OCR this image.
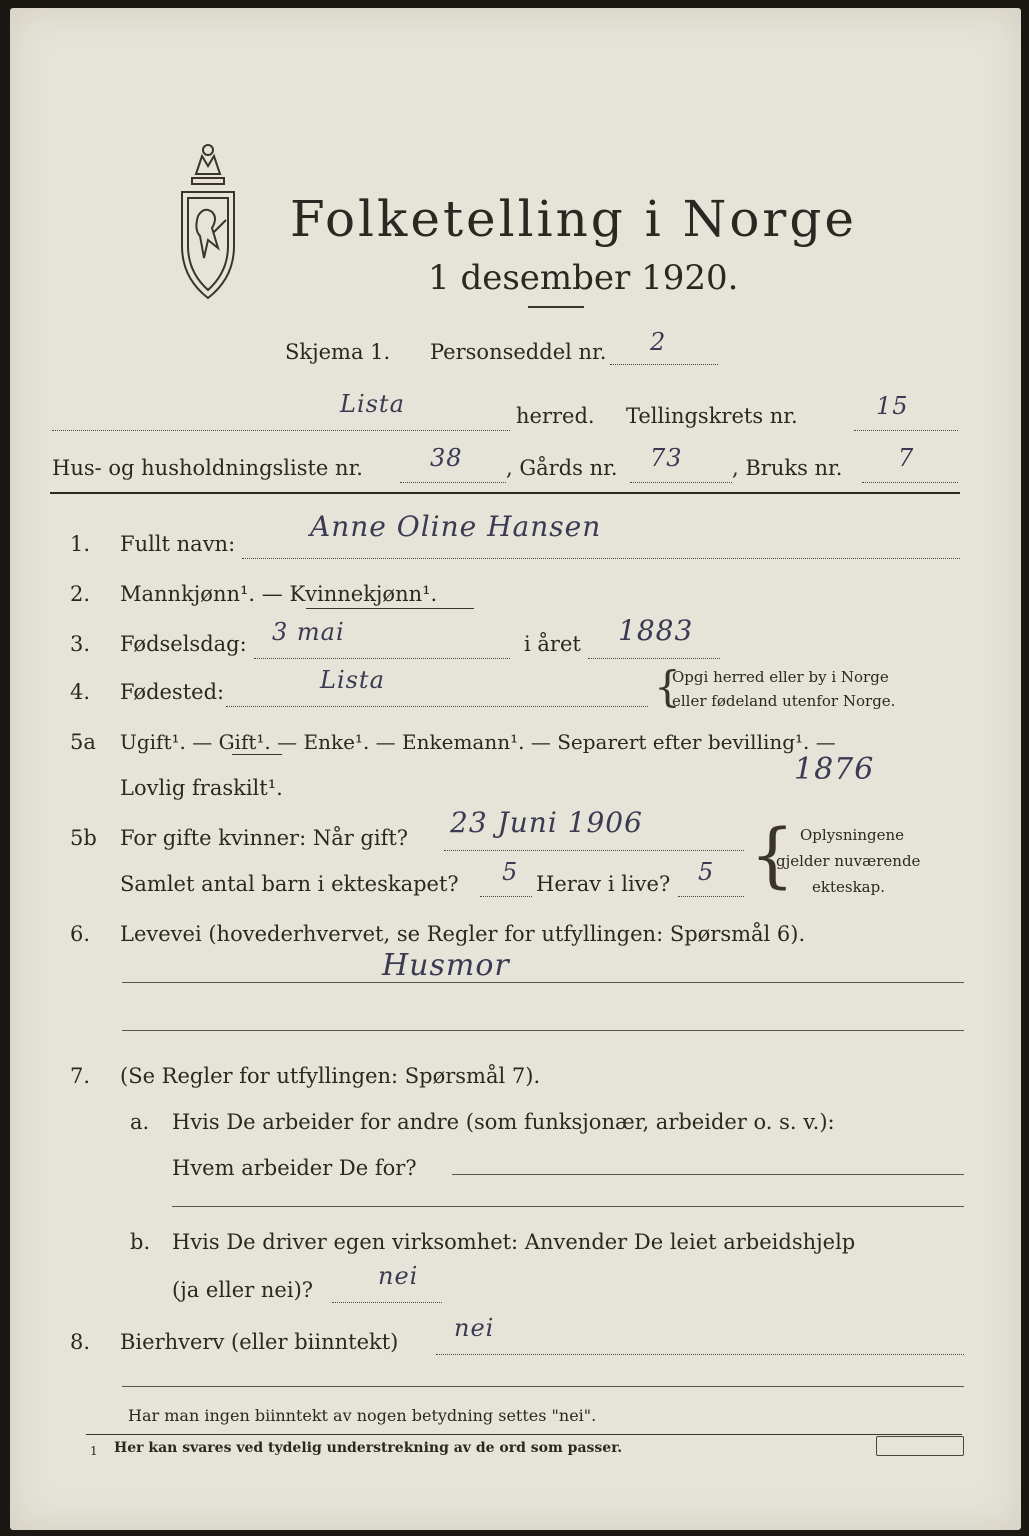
Folketelling i Norge
1 desember 1920.
Skjema 1. Personseddel nr. 2
Lista	herred. Tellingskrets nr.	15
Hus- og husholdningsliste nr.	38 , Gårds nr. 73 , Bruks nr. 7
1. Fullt navn:
Anne Oline Hansen
2. Mannkjønn¹. — Kvinnekjønn¹.
3. Fødselsdag: 3 mai	i året 1883
4. Fødested:	Lista	{
Opgi herred eller by i Norge
eller fødeland utenfor Norge.
5a Ugift¹. — Gift¹. — Enke¹. — Enkemann¹. — Separert efter bevilling¹. —
Lovlig fraskilt¹.
1876
5b For gifte kvinner: Når gift? 23 Juni 1906
Samlet antal barn i ekteskapet? 5 Herav i live? 5 { Oplysningene
gjelder nuværende
ekteskap.
6. Levevei (hovederhvervet, se Regler for utfyllingen: Spørsmål 6).
Husmor
7. (Se Regler for utfyllingen: Spørsmål 7).
a. Hvis De arbeider for andre (som funksjonær, arbeider o. s. v.):
Hvem arbeider De for?
b. Hvis De driver egen virksomhet: Anvender De leiet arbeidshjelp
(ja eller nei)?	nei
8. Bierhverv (eller biinntekt) nei
Har man ingen biinntekt av nogen betydning settes "nei".
1 Her kan svares ved tydelig understrekning av de ord som passer.
